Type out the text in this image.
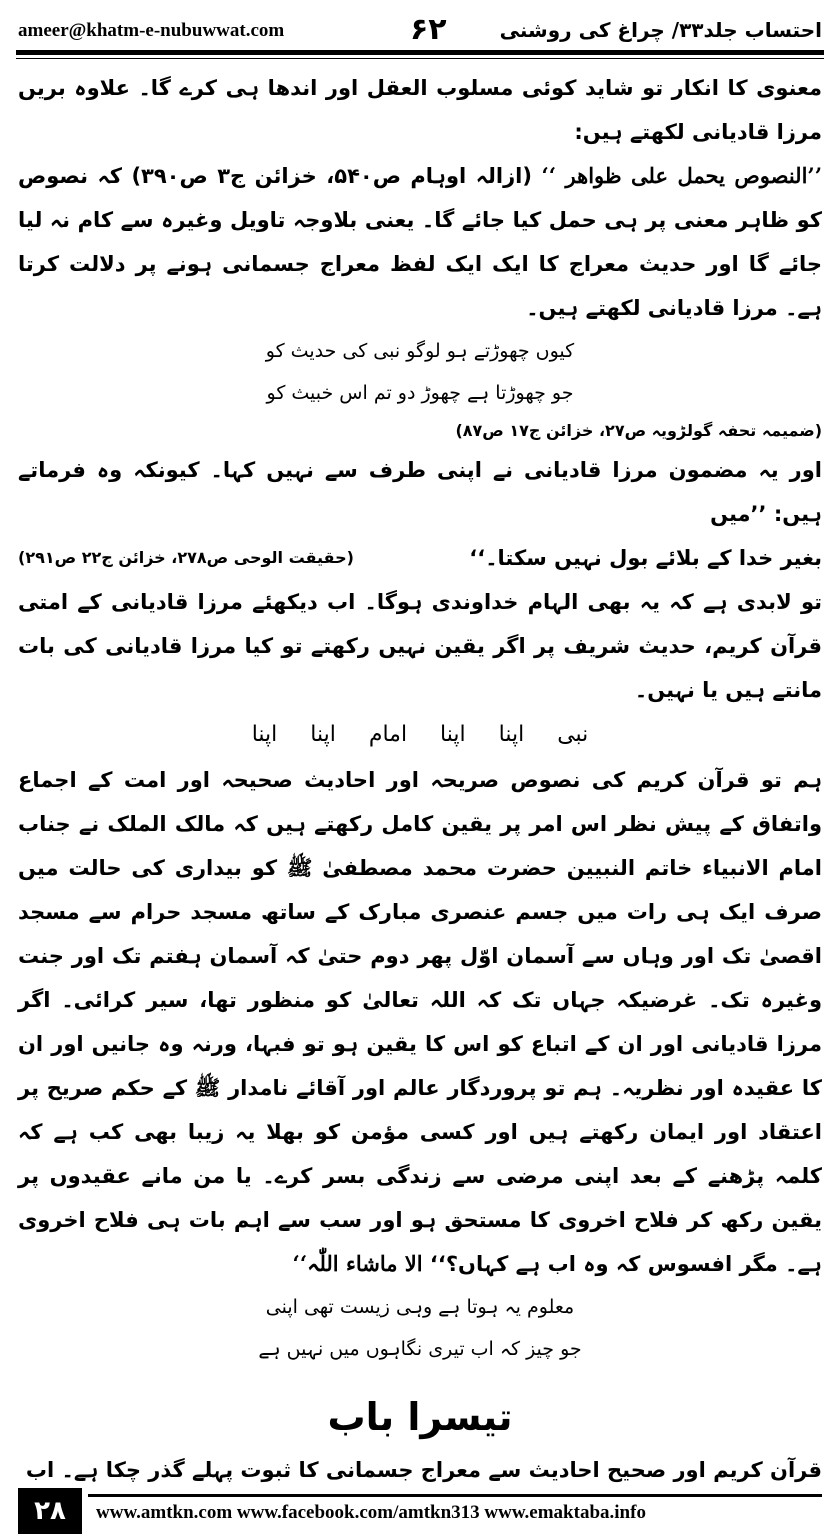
ameer@khatm-e-nubuwwat.com	۶۲	احتساب جلد۳۳/ چراغ کی روشنی
معنوی کا انکار تو شاید کوئی مسلوب العقل اور اندھا ہی کرے گا۔ علاوہ بریں مرزا قادیانی لکھتے ہیں:
’’النصوص یحمل علی ظواھر ‘‘ (ازالہ اوہام ص۵۴۰، خزائن ج۳ ص۳۹۰) کہ نصوص کو ظاہر معنی پر ہی حمل کیا جائے گا۔ یعنی بلاوجہ تاویل وغیرہ سے کام نہ لیا جائے گا اور حدیث معراج کا ایک ایک لفظ معراج جسمانی ہونے پر دلالت کرتا ہے۔ مرزا قادیانی لکھتے ہیں۔
کیوں چھوڑتے ہو لوگو نبی کی حدیث کو
جو چھوڑتا ہے چھوڑ دو تم اس خبیث کو
(ضمیمہ تحفہ گولڑویہ ص۲۷، خزائن ج۱۷ ص۸۷)
اور یہ مضمون مرزا قادیانی نے اپنی طرف سے نہیں کہا۔ کیونکہ وہ فرماتے ہیں: ’’میں
بغیر خدا کے بلائے بول نہیں سکتا۔‘‘
(حقیقت الوحی ص۲۷۸، خزائن ج۲۲ ص۲۹۱)
تو لابدی ہے کہ یہ بھی الہام خداوندی ہوگا۔ اب دیکھئے مرزا قادیانی کے امتی قرآن کریم، حدیث شریف پر اگر یقین نہیں رکھتے تو کیا مرزا قادیانی کی بات مانتے ہیں یا نہیں۔
نبی اپنا اپنا امام اپنا اپنا
ہم تو قرآن کریم کی نصوص صریحہ اور احادیث صحیحہ اور امت کے اجماع واتفاق کے پیش نظر اس امر پر یقین کامل رکھتے ہیں کہ مالک الملک نے جناب امام الانبیاء خاتم النبیین حضرت محمد مصطفیٰ ﷺ کو بیداری کی حالت میں صرف ایک ہی رات میں جسم عنصری مبارک کے ساتھ مسجد حرام سے مسجد اقصیٰ تک اور وہاں سے آسمان اوّل پھر دوم حتیٰ کہ آسمان ہفتم تک اور جنت وغیرہ تک۔ غرضیکہ جہاں تک کہ اللہ تعالیٰ کو منظور تھا، سیر کرائی۔ اگر مرزا قادیانی اور ان کے اتباع کو اس کا یقین ہو تو فبہا، ورنہ وہ جانیں اور ان کا عقیدہ اور نظریہ۔ ہم تو پروردگار عالم اور آقائے نامدار ﷺ کے حکم صریح پر اعتقاد اور ایمان رکھتے ہیں اور کسی مؤمن کو بھلا یہ زیبا بھی کب ہے کہ کلمہ پڑھنے کے بعد اپنی مرضی سے زندگی بسر کرے۔ یا من مانے عقیدوں پر یقین رکھ کر فلاح اخروی کا مستحق ہو اور سب سے اہم بات ہی فلاح اخروی ہے۔ مگر افسوس کہ وہ اب ہے کہاں؟‘‘ الا ماشاء اللّٰہ‘‘
معلوم یہ ہوتا ہے وہی زیست تھی اپنی
جو چیز کہ اب تیری نگاہوں میں نہیں ہے
تیسرا باب
قرآن کریم اور صحیح احادیث سے معراج جسمانی کا ثبوت پہلے گذر چکا ہے۔ اب
۲۸	www.amtkn.com www.facebook.com/amtkn313 www.emaktaba.info
